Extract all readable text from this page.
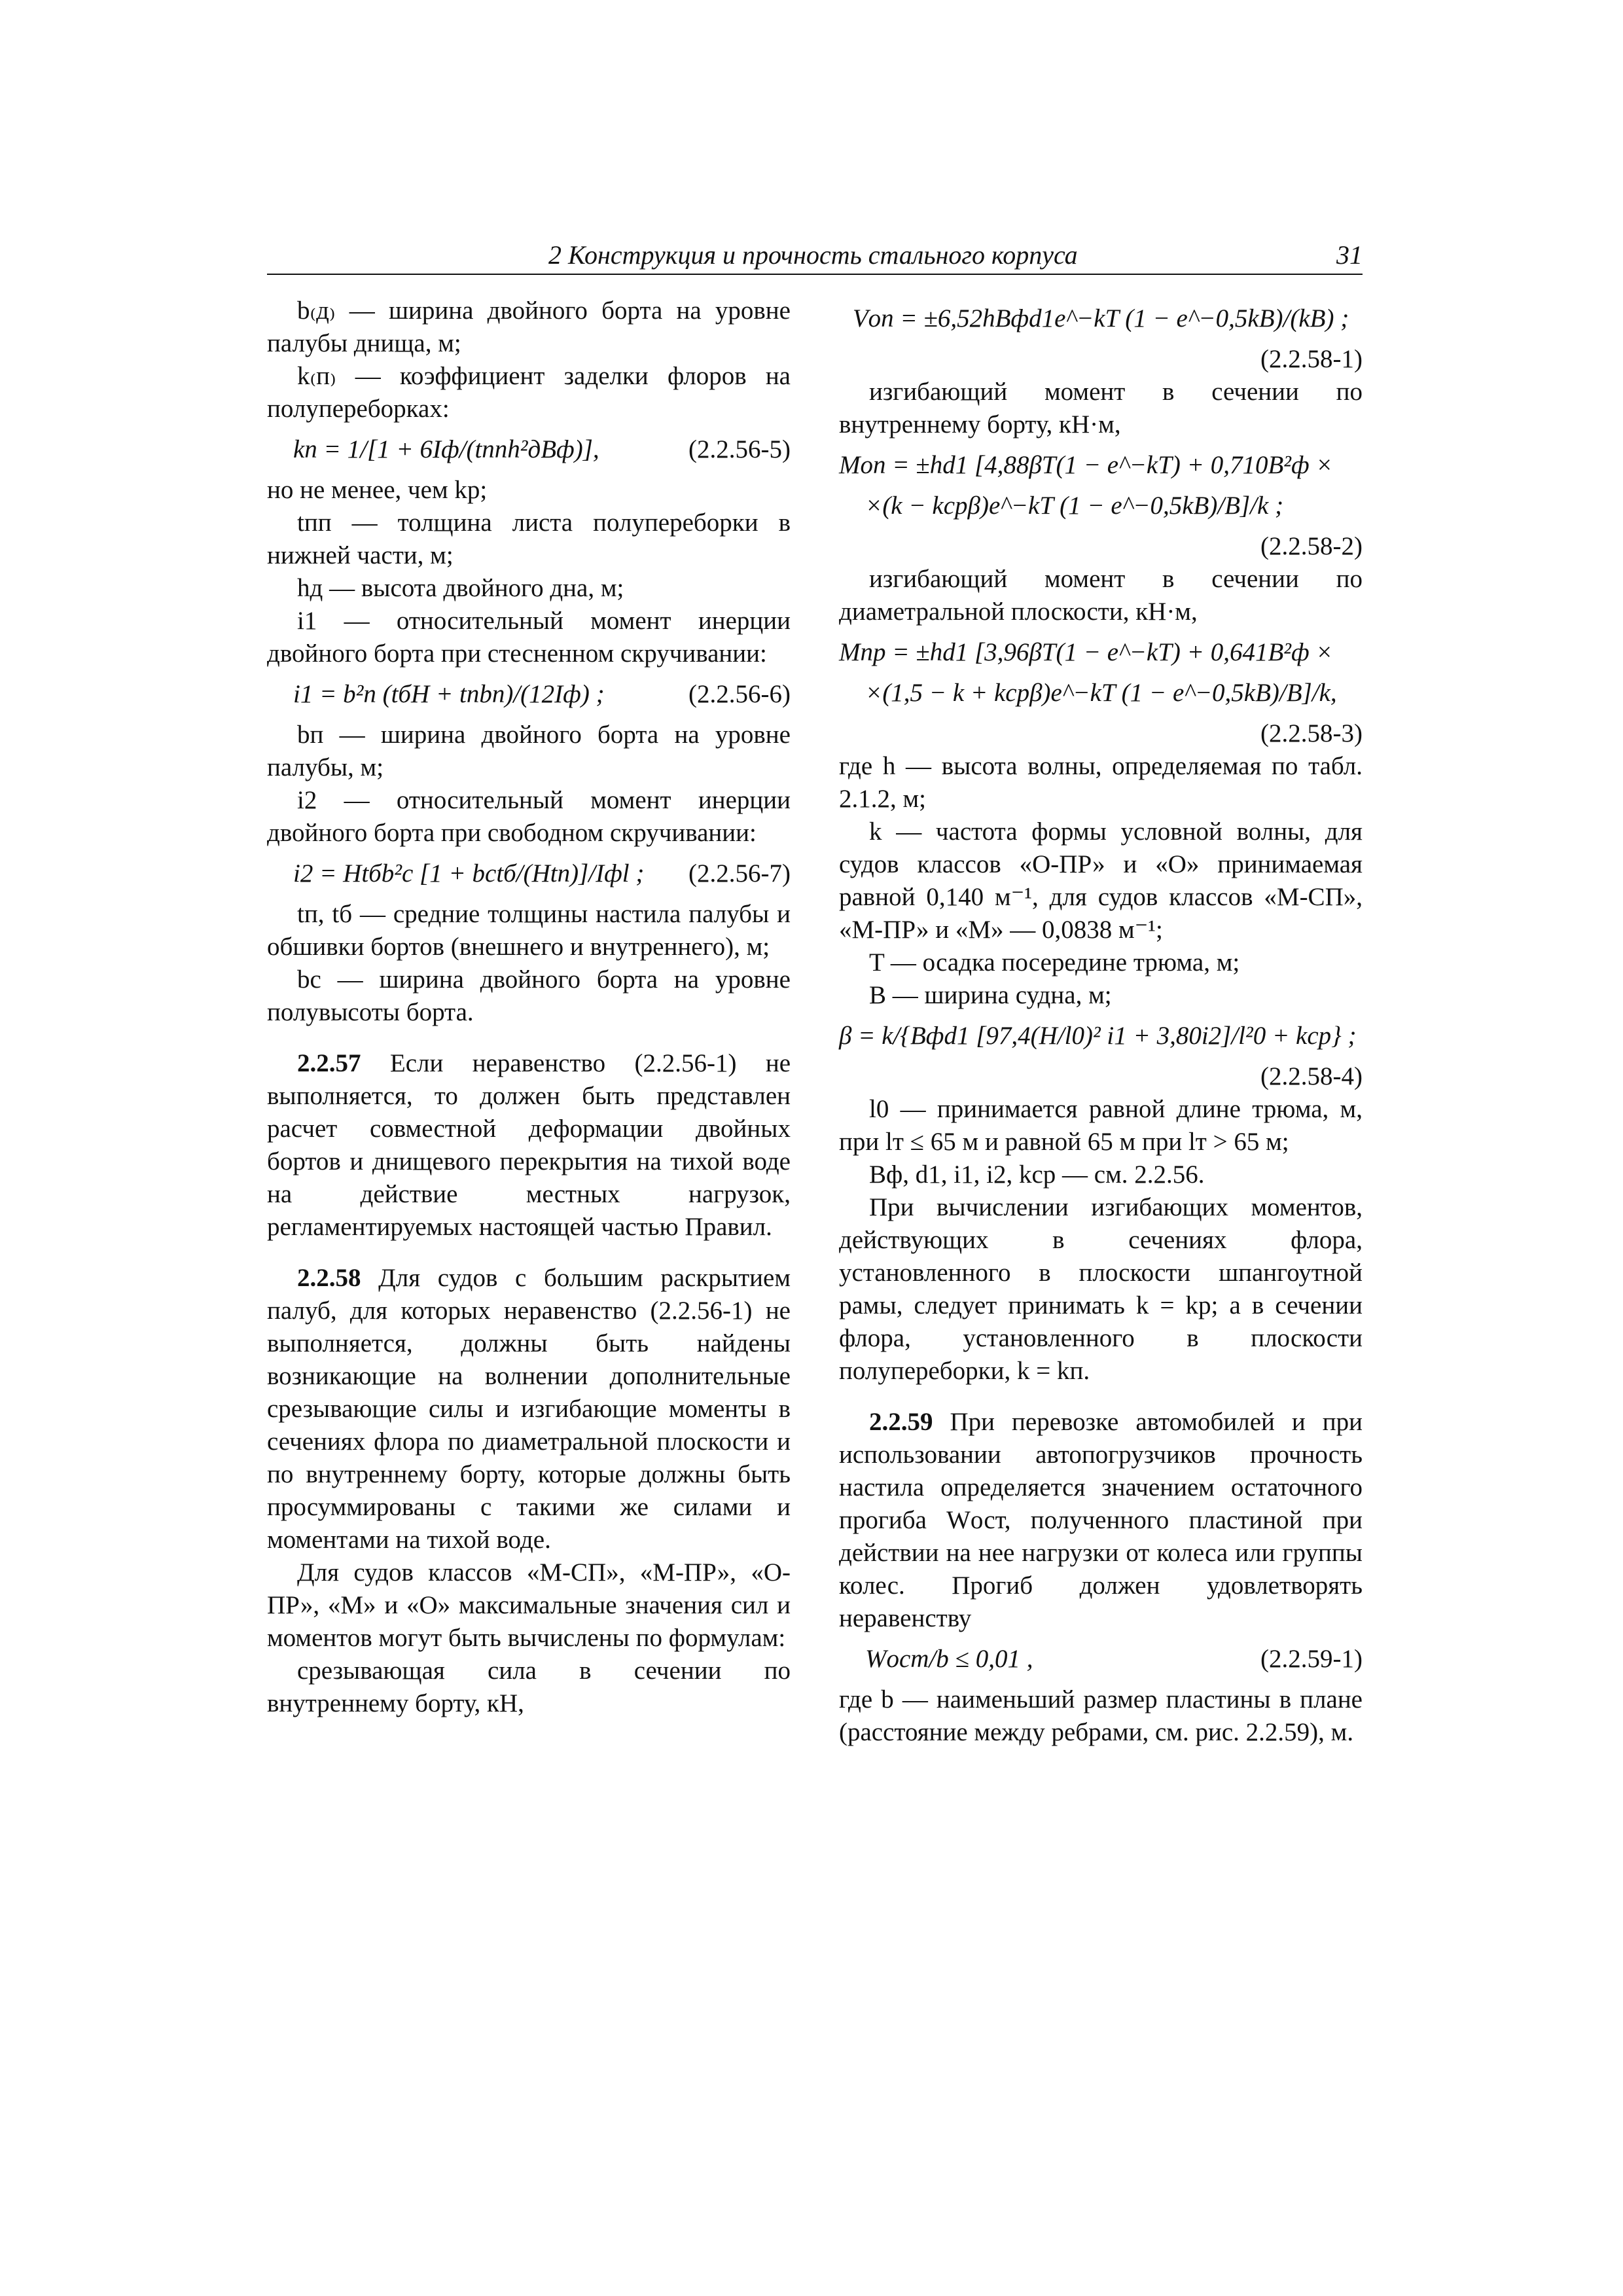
2 Конструкция и прочность стального корпуса	31

b₍д₎ — ширина двойного борта на уровне палубы днища, м;

k₍п₎ — коэффициент заделки флоров на полупереборках:

kп = 1/[1 + 6Iф/(tппh²дBф)],	(2.2.56-5)

но не менее, чем kр;

tпп — толщина листа полупереборки в нижней части, м;

hд — высота двойного дна, м;

i1 — относительный момент инерции двойного борта при стесненном скручивании:

i1 = b²п (tбH + tпbп)/(12Iф) ;	(2.2.56-6)

bп — ширина двойного борта на уровне палубы, м;

i2 — относительный момент инерции двойного борта при свободном скручивании:

i2 = Htбb²с [1 + bсtб/(Htп)]/Iфl ; (2.2.56-7)

tп, tб — средние толщины настила палубы и обшивки бортов (внешнего и внутреннего), м;

bс — ширина двойного борта на уровне полувысоты борта.

2.2.57 Если неравенство (2.2.56-1) не выполняется, то должен быть представлен расчет совместной деформации двойных бортов и днищевого перекрытия на тихой воде на действие местных нагрузок, регламентируемых настоящей частью Правил.

2.2.58 Для судов с большим раскрытием палуб, для которых неравенство (2.2.56-1) не выполняется, должны быть найдены возникающие на волнении дополнительные срезывающие силы и изгибающие моменты в сечениях флора по диаметральной плоскости и по внутреннему борту, которые должны быть просуммированы с такими же силами и моментами на тихой воде.

Для судов классов «М-СП», «М-ПР», «О-ПР», «М» и «О» максимальные значения сил и моментов могут быть вычислены по формулам:

срезывающая сила в сечении по внутреннему борту, кН,

Vоп = ±6,52hBфd1e^−kT (1 − e^−0,5kB)/(kB) ;
(2.2.58-1)

изгибающий момент в сечении по внутреннему борту, кН·м,

Mоп = ±hd1 [4,88βT(1 − e^−kT) + 0,710B²ф ×
×(k − kсрβ)e^−kT (1 − e^−0,5kB)/B]/k ;
(2.2.58-2)

изгибающий момент в сечении по диаметральной плоскости, кН·м,

Mпр = ±hd1 [3,96βT(1 − e^−kT) + 0,641B²ф ×
×(1,5 − k + kсрβ)e^−kT (1 − e^−0,5kB)/B]/k,
(2.2.58-3)

где h — высота волны, определяемая по табл. 2.1.2, м;

k — частота формы условной волны, для судов классов «О-ПР» и «О» принимаемая равной 0,140 м⁻¹, для судов классов «М-СП», «М-ПР» и «М» — 0,0838 м⁻¹;

T — осадка посередине трюма, м;

B — ширина судна, м;

β = k/{Bфd1 [97,4(H/l0)² i1 + 3,80i2]/l²0 + kср} ;
(2.2.58-4)

l0 — принимается равной длине трюма, м, при lт ≤ 65 м и равной 65 м при lт > 65 м;

Bф, d1, i1, i2, kср — см. 2.2.56.

При вычислении изгибающих моментов, действующих в сечениях флора, установленного в плоскости шпангоутной рамы, следует принимать k = kр; а в сечении флора, установленного в плоскости полупереборки, k = kп.

2.2.59 При перевозке автомобилей и при использовании автопогрузчиков прочность настила определяется значением остаточного прогиба Wост, полученного пластиной при действии на нее нагрузки от колеса или группы колес. Прогиб должен удовлетворять неравенству

Wост/b ≤ 0,01 ,	(2.2.59-1)

где b — наименьший размер пластины в плане (расстояние между ребрами, см. рис. 2.2.59), м.
